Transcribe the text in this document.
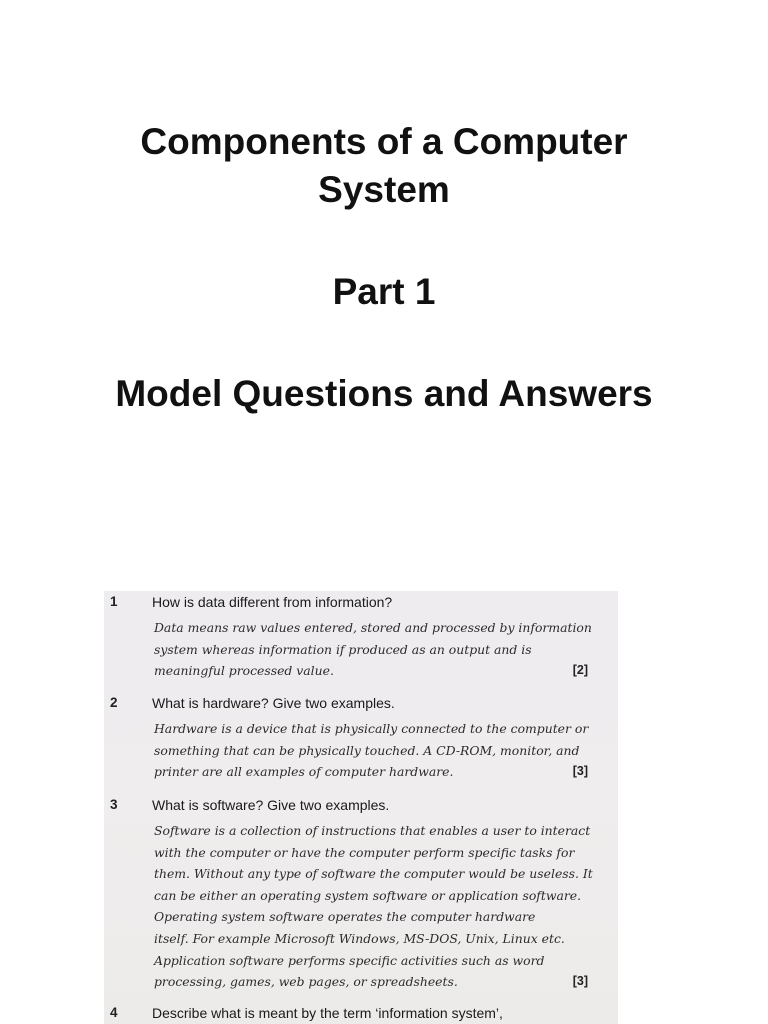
Components of a Computer
System
Part 1
Model Questions and Answers
1 How is data different from information?
Data means raw values entered, stored and processed by information
system whereas information if produced as an output and is
meaningful processed value.	[2]
2 What is hardware? Give two examples.
Hardware is a device that is physically connected to the computer or
something that can be physically touched. A CD-ROM, monitor, and
printer are all examples of computer hardware.	[3]
3 What is software? Give two examples.
Software is a collection of instructions that enables a user to interact
with the computer or have the computer perform specific tasks for
them. Without any type of software the computer would be useless. It
can be either an operating system software or application software.
Operating system software operates the computer hardware
itself. For example Microsoft Windows, MS-DOS, Unix, Linux etc.
Application software performs specific activities such as word
processing, games, web pages, or spreadsheets.	[3]
4 Describe what is meant by the term ‘information system’,
